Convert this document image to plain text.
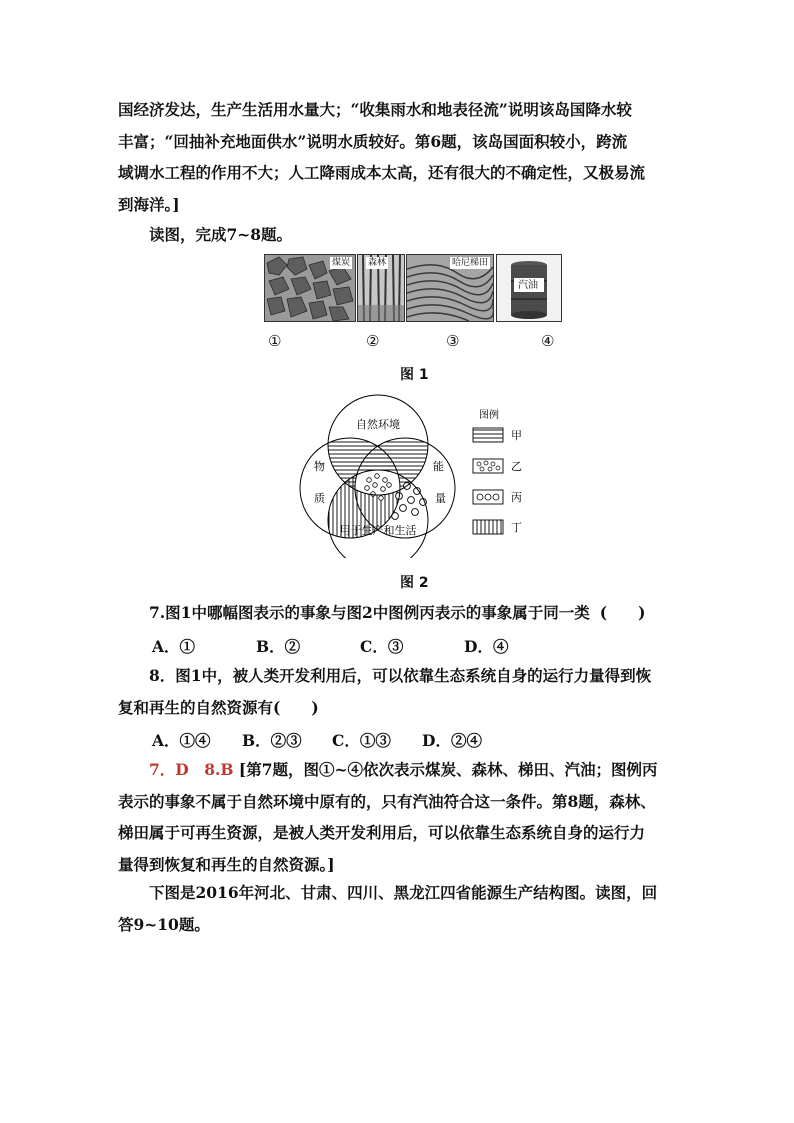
国经济发达，生产生活用水量大；“收集雨水和地表径流”说明该岛国降水较
丰富；“回抽补充地面供水”说明水质较好。第6题，该岛国面积较小，跨流
域调水工程的作用不大；人工降雨成本太高，还有很大的不确定性，又极易流
到海洋。]
读图，完成7~8题。
煤炭 森林	哈尼梯田
汽油
①	②	③	④
图 1
自然环境
用于生产和生活
物
质
能
量
图例
甲
乙
丙
丁
图 2
7.图1中哪幅图表示的事象与图2中图例丙表示的事象属于同一类 (　　)
A．①	B．②	C．③	D．④
8．图1中，被人类开发利用后，可以依靠生态系统自身的运行力量得到恢
复和再生的自然资源有(　　)
A．①④ B．②③ C．①③ D．②④
7．D　8.B [第7题，图①~④依次表示煤炭、森林、梯田、汽油；图例丙
表示的事象不属于自然环境中原有的，只有汽油符合这一条件。第8题，森林、
梯田属于可再生资源，是被人类开发利用后，可以依靠生态系统自身的运行力
量得到恢复和再生的自然资源。]
下图是2016年河北、甘肃、四川、黑龙江四省能源生产结构图。读图，回
答9~10题。
